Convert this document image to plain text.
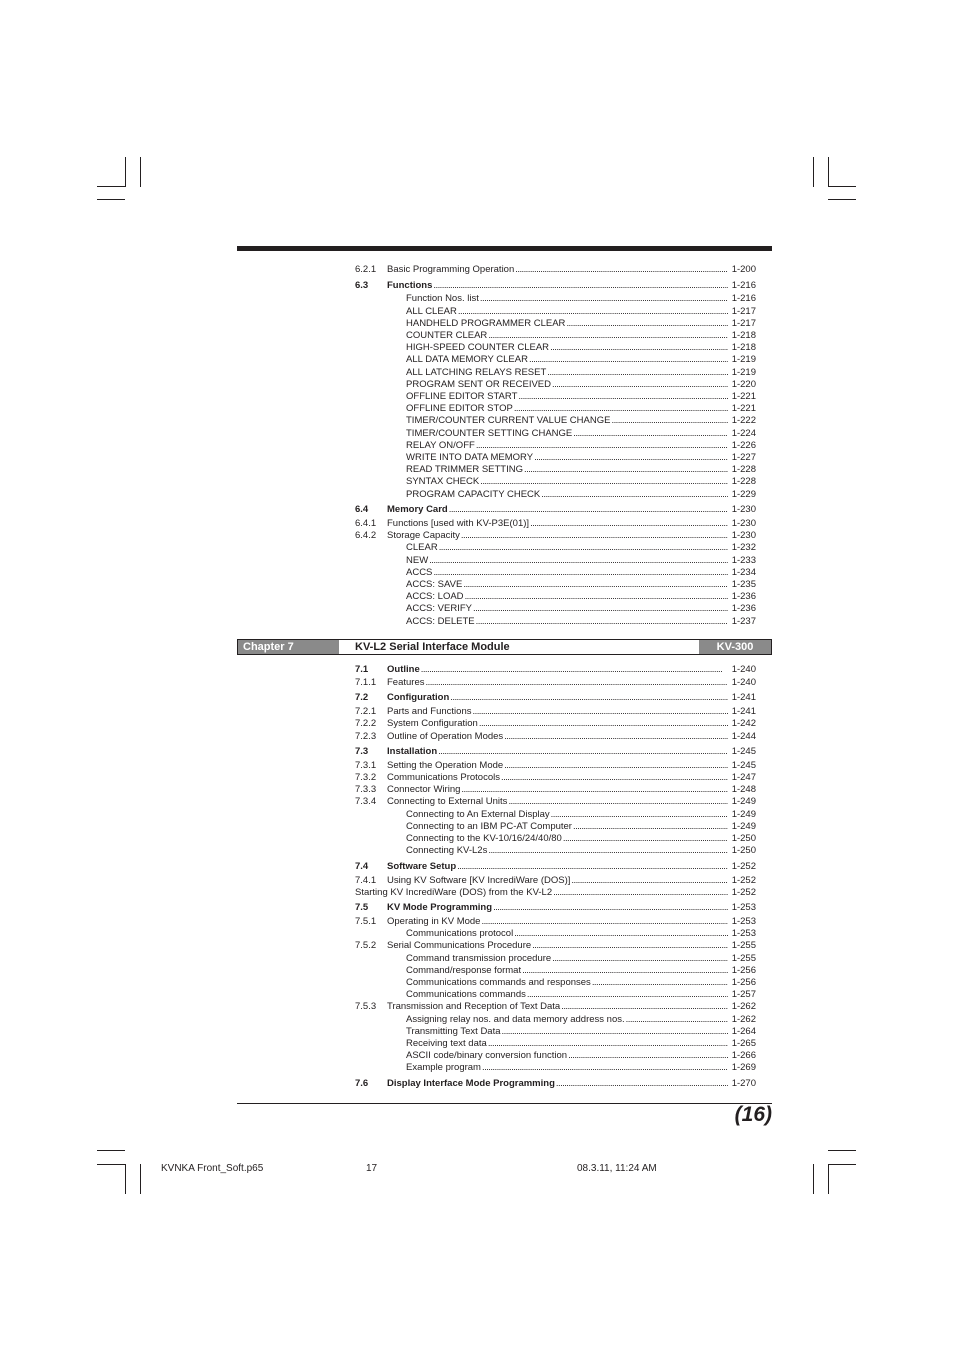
6.2.1 Basic Programming Operation . . .	1-200
6.3 Functions . . .	1-216
Function Nos. list . . .	1-216
ALL CLEAR . . .	1-217
HANDHELD PROGRAMMER CLEAR . . .	1-217
COUNTER CLEAR . . .	1-218
HIGH-SPEED COUNTER CLEAR . . .	1-218
ALL DATA MEMORY CLEAR . . .	1-219
ALL LATCHING RELAYS RESET . . .	1-219
PROGRAM SENT OR RECEIVED . . .	1-220
OFFLINE EDITOR START . . .	1-221
OFFLINE EDITOR STOP . . .	1-221
TIMER/COUNTER CURRENT VALUE CHANGE . . .	1-222
TIMER/COUNTER SETTING CHANGE . . .	1-224
RELAY ON/OFF . . .	1-226
WRITE INTO DATA MEMORY . . .	1-227
READ TRIMMER SETTING . . .	1-228
SYNTAX CHECK . . .	1-228
PROGRAM CAPACITY CHECK . . .	1-229
6.4 Memory Card . . .	1-230
6.4.1 Functions [used with KV-P3E(01)] . . .	1-230
6.4.2 Storage Capacity . . .	1-230
CLEAR . . .	1-232
NEW . . .	1-233
ACCS . . .	1-234
ACCS: SAVE . . .	1-235
ACCS: LOAD . . .	1-236
ACCS: VERIFY . . .	1-236
ACCS: DELETE . . .	1-237
7.1 Outline . . .	1-240
7.1.1 Features . . .	1-240
7.2 Configuration . . .	1-241
7.2.1 Parts and Functions . . .	1-241
7.2.2 System Configuration . . .	1-242
7.2.3 Outline of Operation Modes . . .	1-244
7.3 Installation . . .	1-245
7.3.1 Setting the Operation Mode . . .	1-245
7.3.2 Communications Protocols . . .	1-247
7.3.3 Connector Wiring . . .	1-248
7.3.4 Connecting to External Units . . .	1-249
Connecting to An External Display . . .	1-249
Connecting to an IBM PC-AT Computer . . .	1-249
Connecting to the KV-10/16/24/40/80 . . .	1-250
Connecting KV-L2s . . .	1-250
7.4 Software Setup . . .	1-252
7.4.1 Using KV Software [KV IncrediWare (DOS)] . . .	1-252
Starting KV IncrediWare (DOS) from the KV-L2 . . .	1-252
7.5 KV Mode Programming . . .	1-253
7.5.1 Operating in KV Mode . . .	1-253
Communications protocol . . .	1-253
7.5.2 Serial Communications Procedure . . .	1-255
Command transmission procedure . . .	1-255
Command/response format . . .	1-256
Communications commands and responses . . .	1-256
Communications commands . . .	1-257
7.5.3 Transmission and Reception of Text Data . . .	1-262
Assigning relay nos. and data memory address nos. . . .	1-262
Transmitting Text Data . . .	1-264
Receiving text data . . .	1-265
ASCII code/binary conversion function . . .	1-266
Example program . . .	1-269
7.6 Display Interface Mode Programming . . .	1-270
Chapter 7	KV-L2 Serial Interface Module	KV-300
(16)
KVNKA Front_Soft.p65	17	08.3.11, 11:24 AM
